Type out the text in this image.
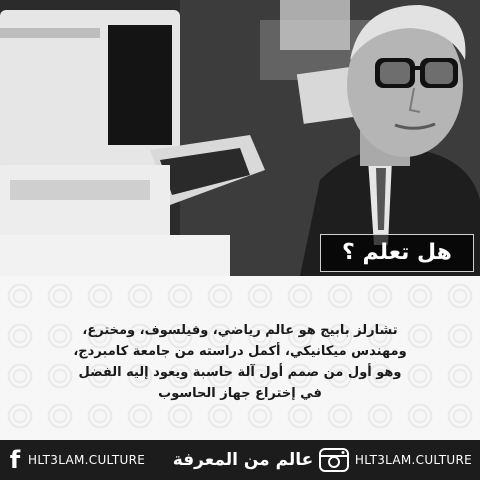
هل تعلم ؟

تشارلز بابيج هو عالم رياضي، وفيلسوف، ومخترع،
ومهندس ميكانيكي، أكمل دراسته من جامعة كامبردج،
وهو أول من صمم أول آلة حاسبة ويعود إليه الفضل
في إختراع جهاز الحاسوب

f HLT3LAM.CULTURE	عالم من المعرفة	HLT3LAM.CULTURE
